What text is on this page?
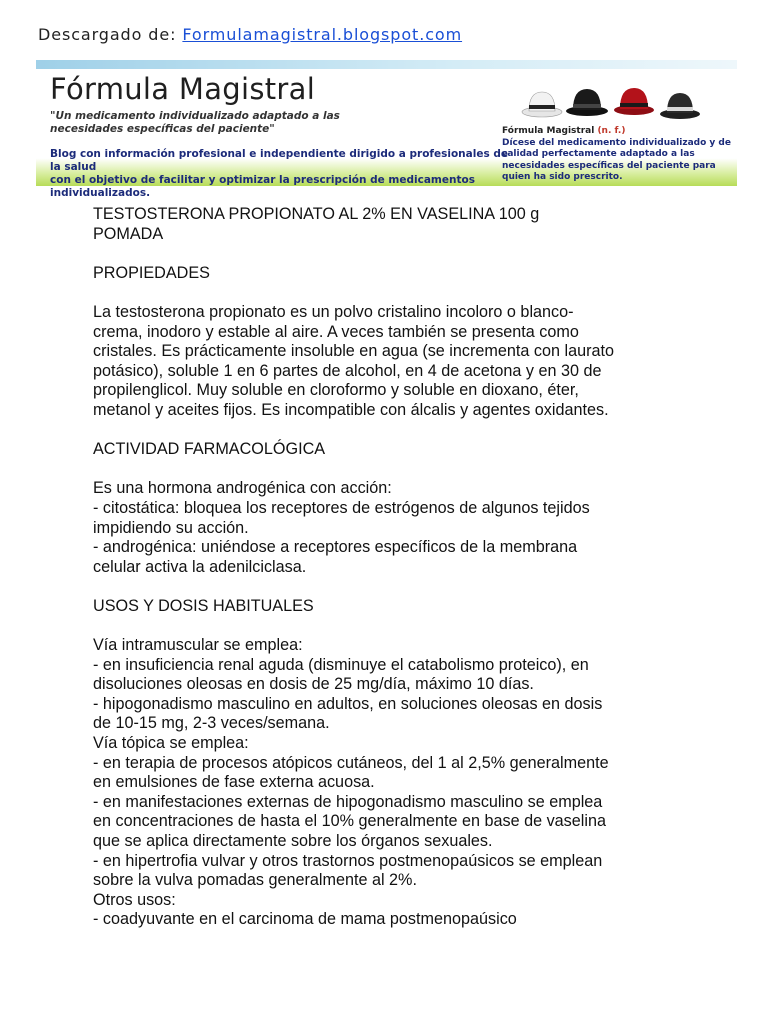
Descargado de: Formulamagistral.blogspot.com
Fórmula Magistral
"Un medicamento individualizado adaptado a las necesidades específicas del paciente"
Blog con información profesional e independiente dirigido a profesionales de la salud
con el objetivo de facilitar y optimizar la prescripción de medicamentos individualizados.
Fórmula Magistral (n. f.)
Dícese del medicamento individualizado y de calidad perfectamente adaptado a las necesidades específicas del paciente para quien ha sido prescrito.

TESTOSTERONA PROPIONATO AL 2% EN VASELINA 100 g
POMADA

PROPIEDADES

La testosterona propionato es un polvo cristalino incoloro o blanco-
crema, inodoro y estable al aire. A veces también se presenta como
cristales. Es prácticamente insoluble en agua (se incrementa con laurato
potásico), soluble 1 en 6 partes de alcohol, en 4 de acetona y en 30 de
propilenglicol. Muy soluble en cloroformo y soluble en dioxano, éter,
metanol y aceites fijos. Es incompatible con álcalis y agentes oxidantes.

ACTIVIDAD FARMACOLÓGICA

Es una hormona androgénica con acción:
- citostática: bloquea los receptores de estrógenos de algunos tejidos
impidiendo su acción.
- androgénica: uniéndose a receptores específicos de la membrana
celular activa la adenilciclasa.

USOS Y DOSIS HABITUALES

Vía intramuscular se emplea:
- en insuficiencia renal aguda (disminuye el catabolismo proteico), en
disoluciones oleosas en dosis de 25 mg/día, máximo 10 días.
- hipogonadismo masculino en adultos, en soluciones oleosas en dosis
de 10-15 mg, 2-3 veces/semana.
Vía tópica se emplea:
- en terapia de procesos atópicos cutáneos, del 1 al 2,5% generalmente
en emulsiones de fase externa acuosa.
- en manifestaciones externas de hipogonadismo masculino se emplea
en concentraciones de hasta el 10% generalmente en base de vaselina
que se aplica directamente sobre los órganos sexuales.
- en hipertrofia vulvar y otros trastornos postmenopaúsicos se emplean
sobre la vulva pomadas generalmente al 2%.
Otros usos:
- coadyuvante en el carcinoma de mama postmenopaúsico
